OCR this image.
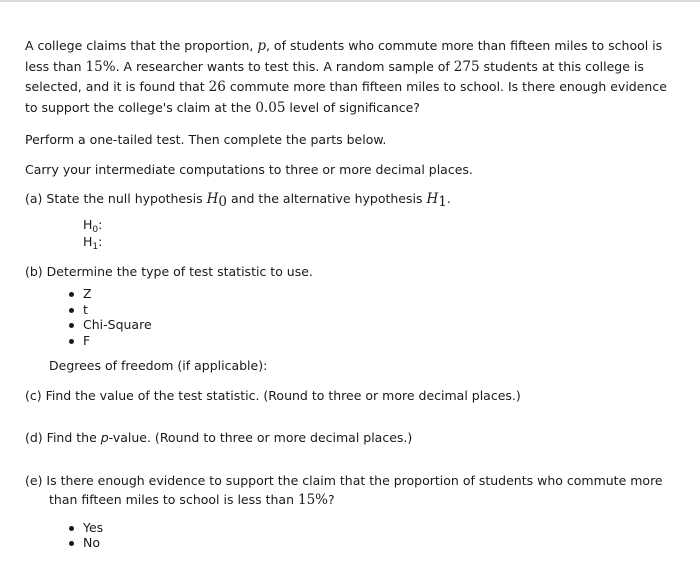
A college claims that the proportion, p, of students who commute more than fifteen miles to school is less than 15%. A researcher wants to test this. A random sample of 275 students at this college is selected, and it is found that 26 commute more than fifteen miles to school. Is there enough evidence to support the college's claim at the 0.05 level of significance?

Perform a one-tailed test. Then complete the parts below.

Carry your intermediate computations to three or more decimal places.

(a) State the null hypothesis $H_0$ and the alternative hypothesis $H_1$.

$H_0$:
$H_1$:

(b) Determine the type of test statistic to use.

Z
t
Chi-Square
F

Degrees of freedom (if applicable):

(c) Find the value of the test statistic. (Round to three or more decimal places.)

(d) Find the p-value. (Round to three or more decimal places.)

(e) Is there enough evidence to support the claim that the proportion of students who commute more than fifteen miles to school is less than 15%?

Yes
No
